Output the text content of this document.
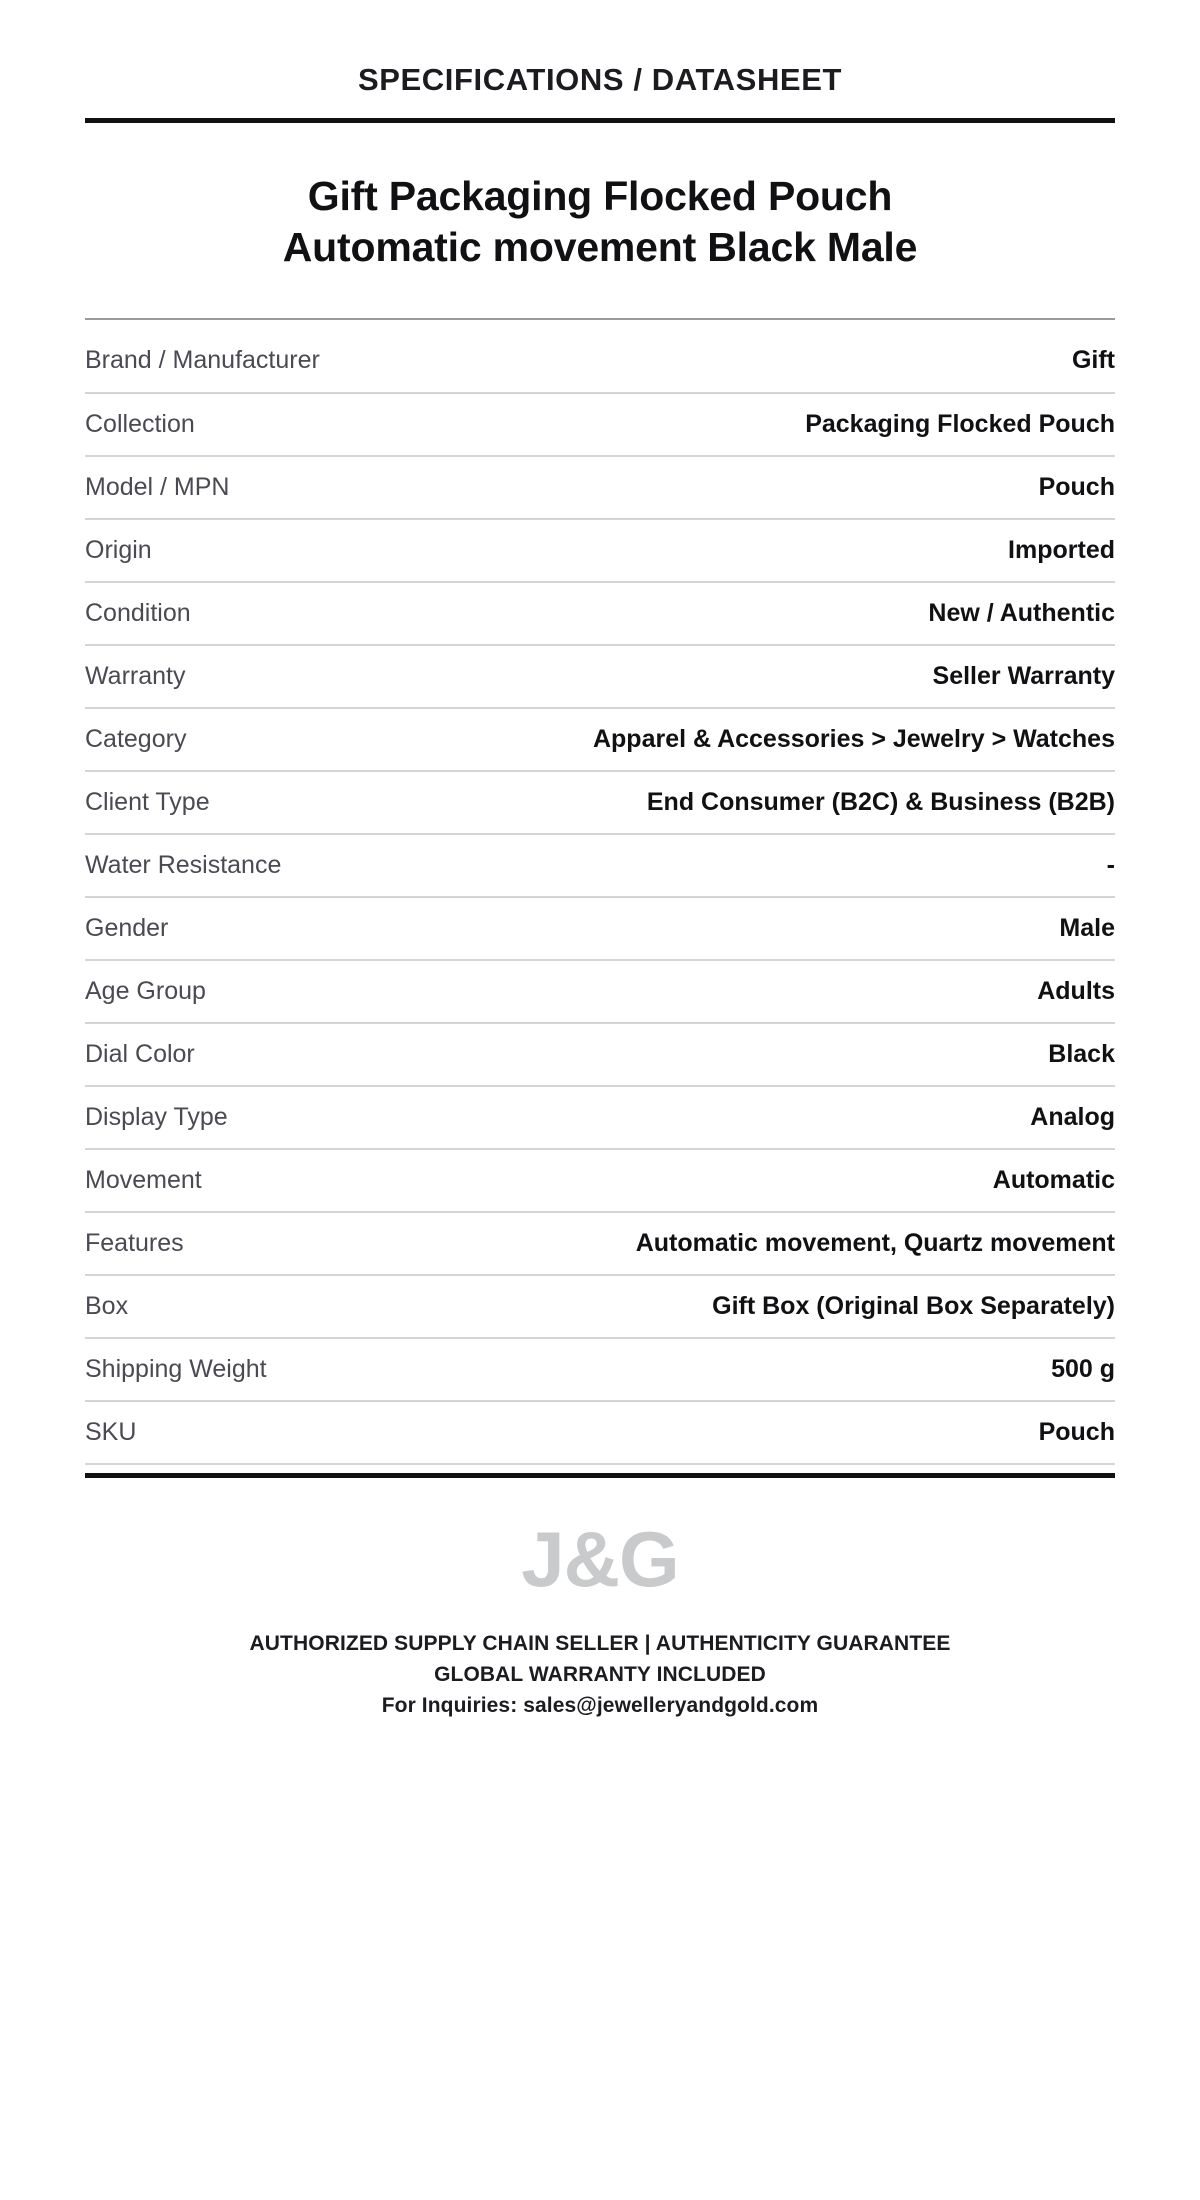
SPECIFICATIONS / DATASHEET
Gift Packaging Flocked Pouch
Automatic movement Black Male
Brand / Manufacturer	Gift
Collection	Packaging Flocked Pouch
Model / MPN	Pouch
Origin	Imported
Condition	New / Authentic
Warranty	Seller Warranty
Category	Apparel & Accessories > Jewelry > Watches
Client Type	End Consumer (B2C) & Business (B2B)
Water Resistance	-
Gender	Male
Age Group	Adults
Dial Color	Black
Display Type	Analog
Movement	Automatic
Features	Automatic movement, Quartz movement
Box	Gift Box (Original Box Separately)
Shipping Weight	500 g
SKU	Pouch
J&G
AUTHORIZED SUPPLY CHAIN SELLER | AUTHENTICITY GUARANTEE
GLOBAL WARRANTY INCLUDED
For Inquiries: sales@jewelleryandgold.com
